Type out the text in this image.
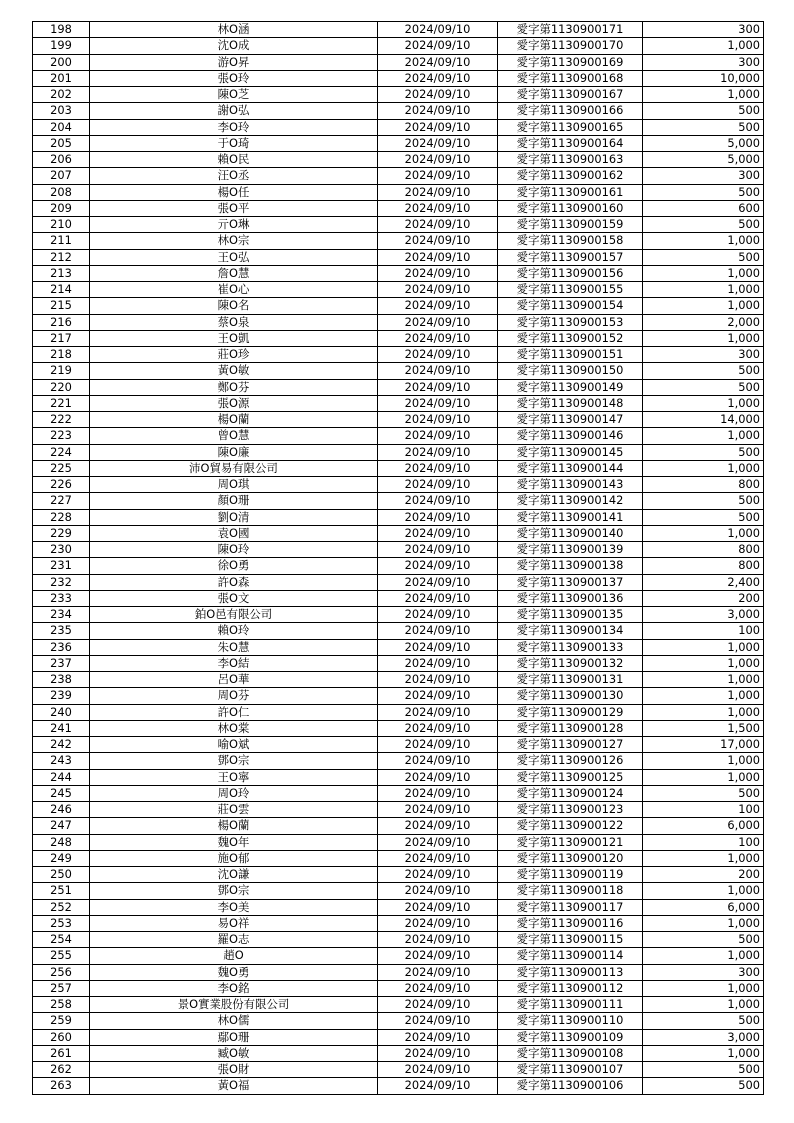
198	林O涵	2024/09/10	愛字第1130900171	300
199	沈O成	2024/09/10	愛字第1130900170	1,000
200	游O昇	2024/09/10	愛字第1130900169	300
201	張O玲	2024/09/10	愛字第1130900168	10,000
202	陳O芝	2024/09/10	愛字第1130900167	1,000
203	謝O弘	2024/09/10	愛字第1130900166	500
204	李O玲	2024/09/10	愛字第1130900165	500
205	于O琦	2024/09/10	愛字第1130900164	5,000
206	賴O民	2024/09/10	愛字第1130900163	5,000
207	汪O丞	2024/09/10	愛字第1130900162	300
208	楊O任	2024/09/10	愛字第1130900161	500
209	張O平	2024/09/10	愛字第1130900160	600
210	亓O琳	2024/09/10	愛字第1130900159	500
211	林O宗	2024/09/10	愛字第1130900158	1,000
212	王O弘	2024/09/10	愛字第1130900157	500
213	詹O慧	2024/09/10	愛字第1130900156	1,000
214	崔O心	2024/09/10	愛字第1130900155	1,000
215	陳O名	2024/09/10	愛字第1130900154	1,000
216	蔡O泉	2024/09/10	愛字第1130900153	2,000
217	王O凱	2024/09/10	愛字第1130900152	1,000
218	莊O珍	2024/09/10	愛字第1130900151	300
219	黃O敏	2024/09/10	愛字第1130900150	500
220	鄭O芬	2024/09/10	愛字第1130900149	500
221	張O源	2024/09/10	愛字第1130900148	1,000
222	楊O蘭	2024/09/10	愛字第1130900147	14,000
223	曾O慧	2024/09/10	愛字第1130900146	1,000
224	陳O廉	2024/09/10	愛字第1130900145	500
225	沛O貿易有限公司	2024/09/10	愛字第1130900144	1,000
226	周O琪	2024/09/10	愛字第1130900143	800
227	顏O珊	2024/09/10	愛字第1130900142	500
228	劉O清	2024/09/10	愛字第1130900141	500
229	袁O國	2024/09/10	愛字第1130900140	1,000
230	陳O玲	2024/09/10	愛字第1130900139	800
231	徐O勇	2024/09/10	愛字第1130900138	800
232	許O森	2024/09/10	愛字第1130900137	2,400
233	張O文	2024/09/10	愛字第1130900136	200
234	鉑O邑有限公司	2024/09/10	愛字第1130900135	3,000
235	賴O玲	2024/09/10	愛字第1130900134	100
236	朱O慧	2024/09/10	愛字第1130900133	1,000
237	李O結	2024/09/10	愛字第1130900132	1,000
238	呂O華	2024/09/10	愛字第1130900131	1,000
239	周O芬	2024/09/10	愛字第1130900130	1,000
240	許O仁	2024/09/10	愛字第1130900129	1,000
241	林O棠	2024/09/10	愛字第1130900128	1,500
242	喻O斌	2024/09/10	愛字第1130900127	17,000
243	鄧O宗	2024/09/10	愛字第1130900126	1,000
244	王O寧	2024/09/10	愛字第1130900125	1,000
245	周O玲	2024/09/10	愛字第1130900124	500
246	莊O雲	2024/09/10	愛字第1130900123	100
247	楊O蘭	2024/09/10	愛字第1130900122	6,000
248	魏O年	2024/09/10	愛字第1130900121	100
249	施O郁	2024/09/10	愛字第1130900120	1,000
250	沈O謙	2024/09/10	愛字第1130900119	200
251	鄧O宗	2024/09/10	愛字第1130900118	1,000
252	李O美	2024/09/10	愛字第1130900117	6,000
253	易O祥	2024/09/10	愛字第1130900116	1,000
254	羅O志	2024/09/10	愛字第1130900115	500
255	趙O	2024/09/10	愛字第1130900114	1,000
256	魏O勇	2024/09/10	愛字第1130900113	300
257	李O銘	2024/09/10	愛字第1130900112	1,000
258	景O實業股份有限公司	2024/09/10	愛字第1130900111	1,000
259	林O儒	2024/09/10	愛字第1130900110	500
260	鄢O珊	2024/09/10	愛字第1130900109	3,000
261	臧O敏	2024/09/10	愛字第1130900108	1,000
262	張O財	2024/09/10	愛字第1130900107	500
263	黃O福	2024/09/10	愛字第1130900106	500
